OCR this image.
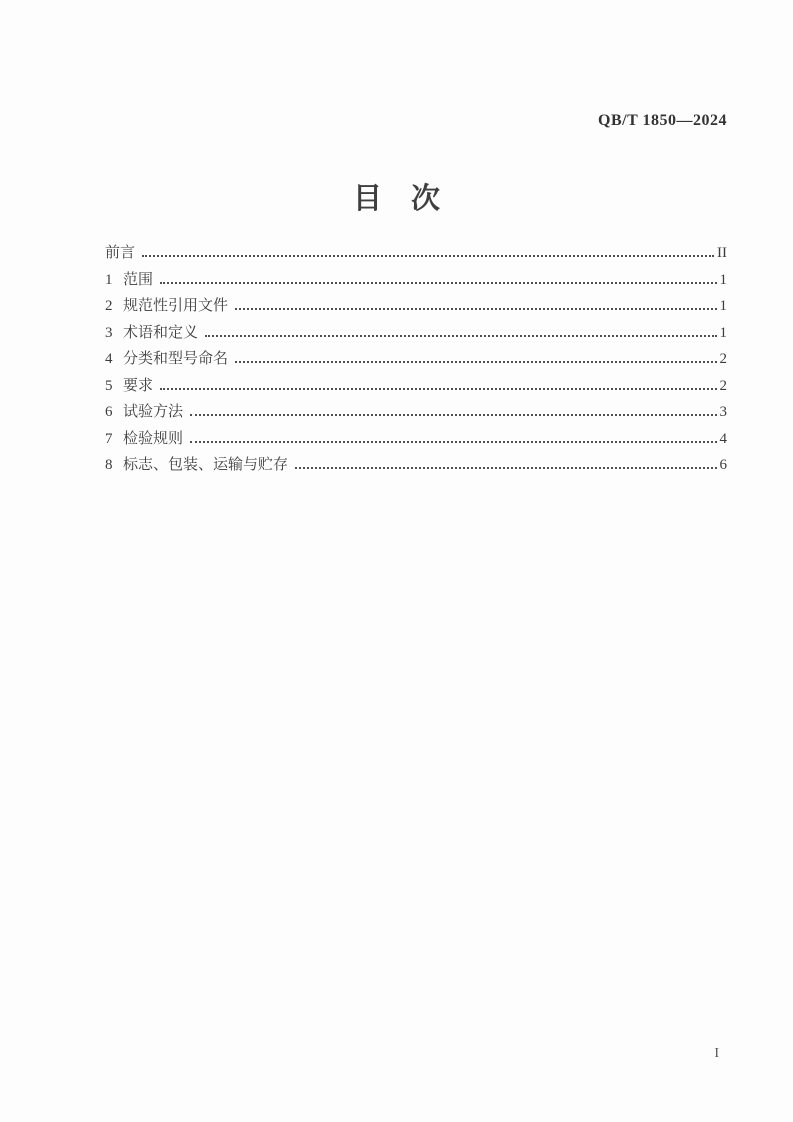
QB/T 1850—2024
目　次
前言	II
1 范围	1
2 规范性引用文件	1
3 术语和定义	1
4 分类和型号命名	2
5 要求	2
6 试验方法	3
7 检验规则	4
8 标志、包装、运输与贮存	6
I
